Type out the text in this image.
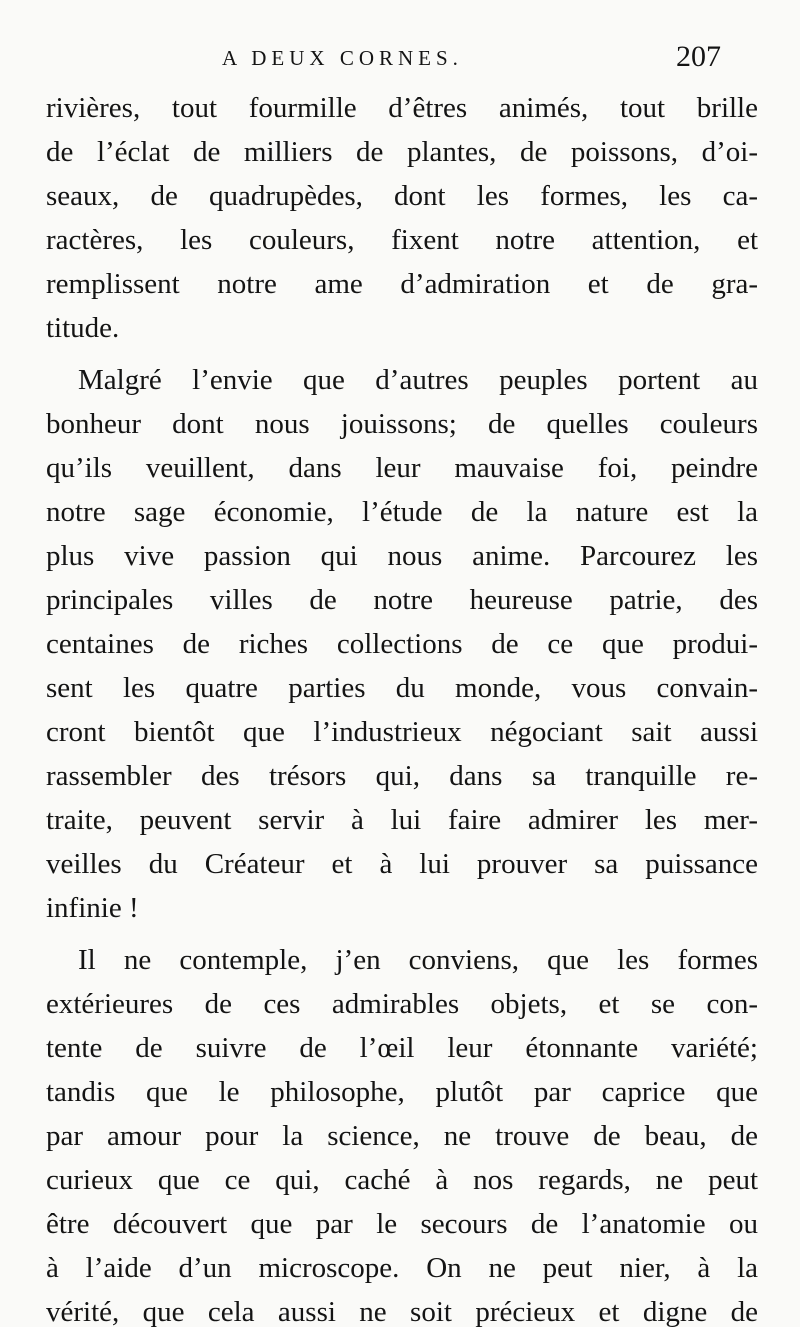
A DEUX CORNES.	207
rivières, tout fourmille d’êtres animés, tout brille
de l’éclat de milliers de plantes, de poissons, d’oi-
seaux, de quadrupèdes, dont les formes, les ca-
ractères, les couleurs, fixent notre attention, et
remplissent notre ame d’admiration et de gra-
titude.
Malgré l’envie que d’autres peuples portent au
bonheur dont nous jouissons; de quelles couleurs
qu’ils veuillent, dans leur mauvaise foi, peindre
notre sage économie, l’étude de la nature est la
plus vive passion qui nous anime. Parcourez les
principales villes de notre heureuse patrie, des
centaines de riches collections de ce que produi-
sent les quatre parties du monde, vous convain-
cront bientôt que l’industrieux négociant sait aussi
rassembler des trésors qui, dans sa tranquille re-
traite, peuvent servir à lui faire admirer les mer-
veilles du Créateur et à lui prouver sa puissance
infinie !
Il ne contemple, j’en conviens, que les formes
extérieures de ces admirables objets, et se con-
tente de suivre de l’œil leur étonnante variété;
tandis que le philosophe, plutôt par caprice que
par amour pour la science, ne trouve de beau, de
curieux que ce qui, caché à nos regards, ne peut
être découvert que par le secours de l’anatomie ou
à l’aide d’un microscope. On ne peut nier, à la
vérité, que cela aussi ne soit précieux et digne de
